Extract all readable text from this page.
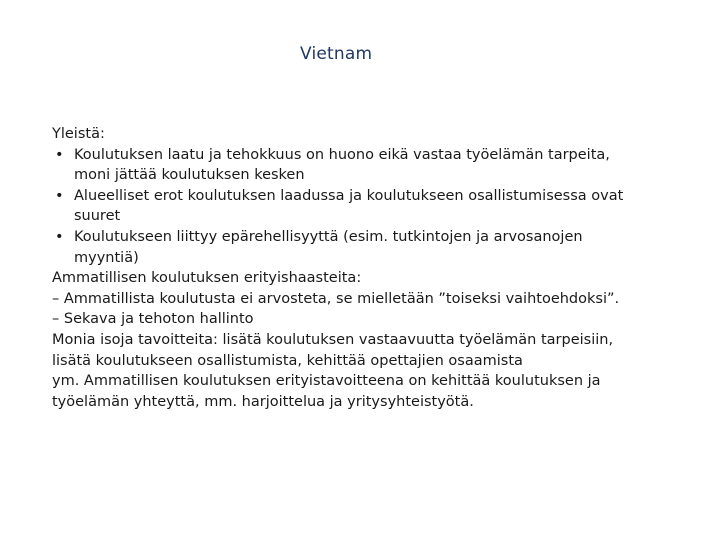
Vietnam
Yleistä:
• Koulutuksen laatu ja tehokkuus on huono eikä vastaa työelämän tarpeita,
moni jättää koulutuksen kesken
• Alueelliset erot koulutuksen laadussa ja koulutukseen osallistumisessa ovat
suuret
• Koulutukseen liittyy epärehellisyyttä (esim. tutkintojen ja arvosanojen
myyntiä)
Ammatillisen koulutuksen erityishaasteita:
– Ammatillista koulutusta ei arvosteta, se mielletään ”toiseksi vaihtoehdoksi”.
– Sekava ja tehoton hallinto
Monia isoja tavoitteita: lisätä koulutuksen vastaavuutta työelämän tarpeisiin,
lisätä koulutukseen osallistumista, kehittää opettajien osaamista
ym. Ammatillisen koulutuksen erityistavoitteena on kehittää koulutuksen ja
työelämän yhteyttä, mm. harjoittelua ja yritysyhteistyötä.
